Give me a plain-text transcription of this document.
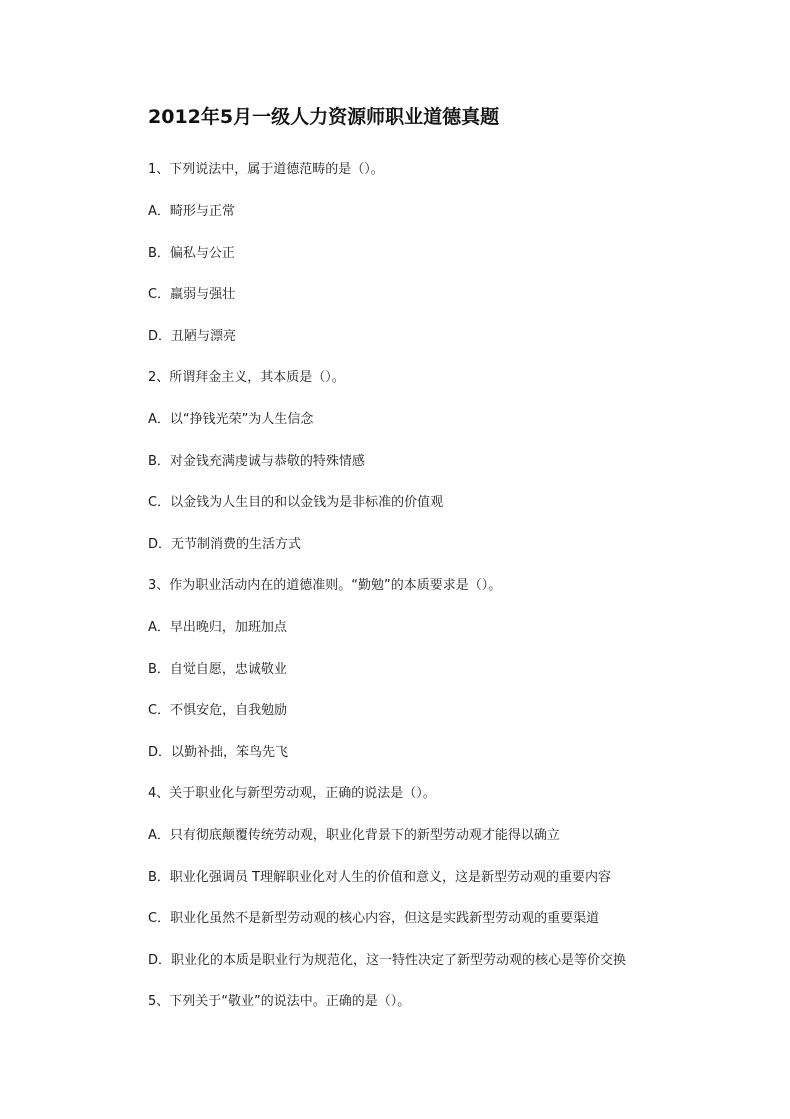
2012年5月一级人力资源师职业道德真题

1、下列说法中，属于道德范畴的是（）。

A．畸形与正常

B．偏私与公正

C．羸弱与强壮

D．丑陋与漂亮

2、所谓拜金主义，其本质是（）。

A．以“挣钱光荣”为人生信念

B．对金钱充满虔诚与恭敬的特殊情感

C．以金钱为人生目的和以金钱为是非标准的价值观

D．无节制消费的生活方式

3、作为职业活动内在的道德准则。“勤勉”的本质要求是（）。

A．早出晚归，加班加点

B．自觉自愿，忠诚敬业

C．不惧安危，自我勉励

D．以勤补拙，笨鸟先飞

4、关于职业化与新型劳动观，正确的说法是（）。

A．只有彻底颠覆传统劳动观，职业化背景下的新型劳动观才能得以确立

B．职业化强调员 T理解职业化对人生的价值和意义，这是新型劳动观的重要内容

C．职业化虽然不是新型劳动观的核心内容，但这是实践新型劳动观的重要渠道

D．职业化的本质是职业行为规范化，这一特性决定了新型劳动观的核心是等价交换

5、下列关于“敬业”的说法中。正确的是（）。
